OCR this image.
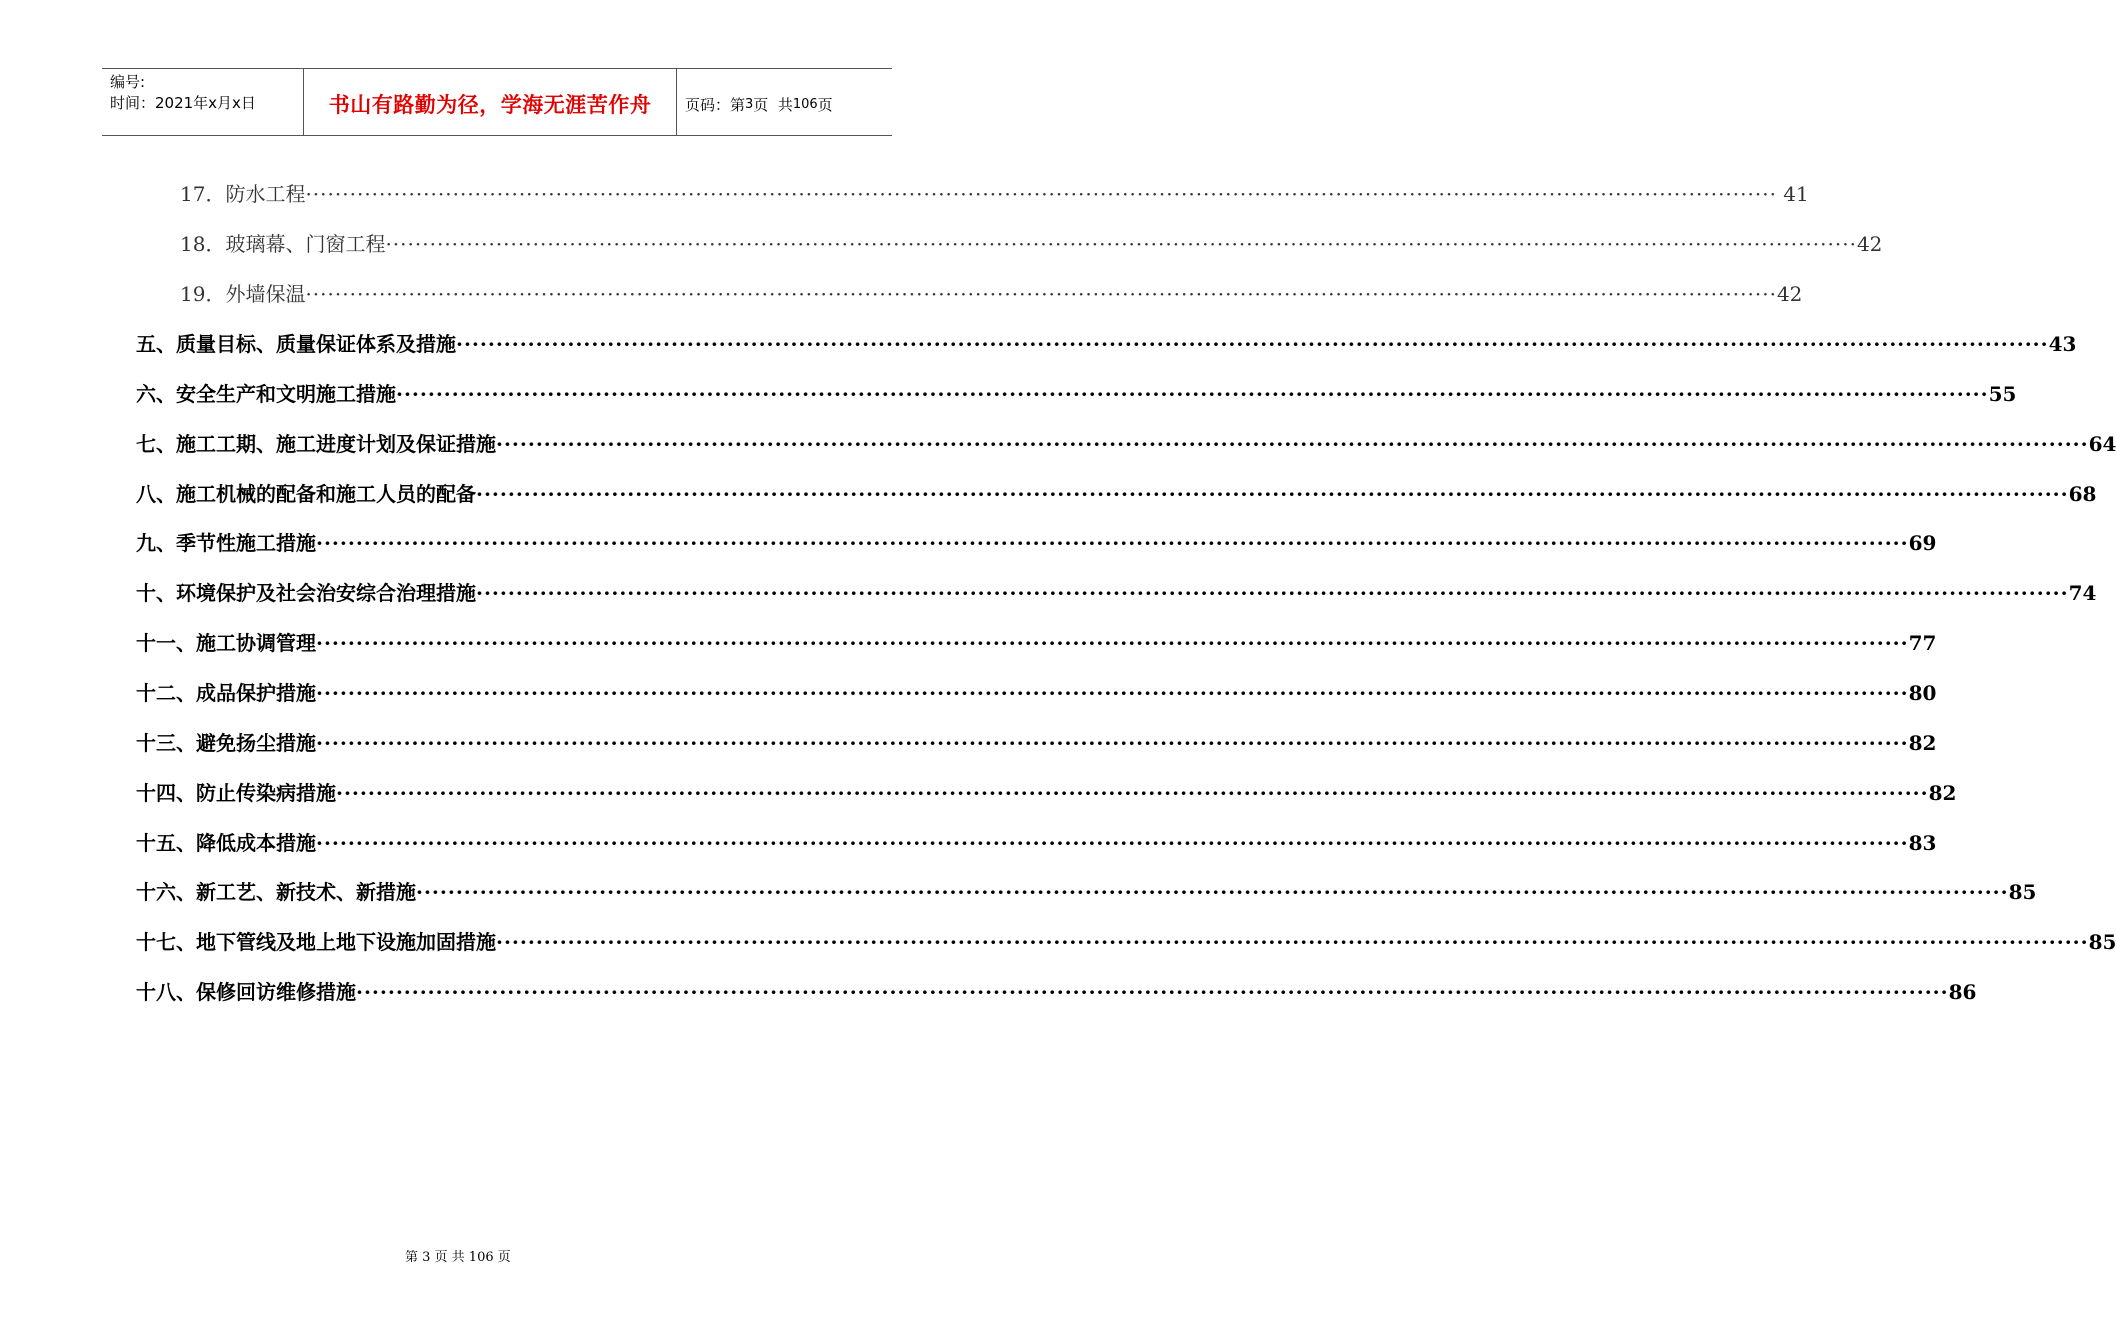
编号:
时间：2021年x月x日	书山有路勤为径，学海无涯苦作舟 页码：第 3 页  共 106 页
17．防水工程 ········································································································································································································ 41
18．玻璃幕、门窗工程 ········································································································································································································ 42
19．外墙保温 ········································································································································································································ 42
五、质量目标、质量保证体系及措施 ········································································································································································································ 43
六、安全生产和文明施工措施 ········································································································································································································ 55
七、施工工期、施工进度计划及保证措施 ········································································································································································································ 64
八、施工机械的配备和施工人员的配备 ········································································································································································································ 68
九、季节性施工措施 ········································································································································································································ 69
十、环境保护及社会治安综合治理措施 ········································································································································································································ 74
十一、施工协调管理 ········································································································································································································ 77
十二、成品保护措施 ········································································································································································································ 80
十三、避免扬尘措施 ········································································································································································································ 82
十四、防止传染病措施 ········································································································································································································ 82
十五、降低成本措施 ········································································································································································································ 83
十六、新工艺、新技术、新措施 ········································································································································································································ 85
十七、地下管线及地上地下设施加固措施 ········································································································································································································ 85
十八、保修回访维修措施 ········································································································································································································ 86
第 3 页 共 106 页
